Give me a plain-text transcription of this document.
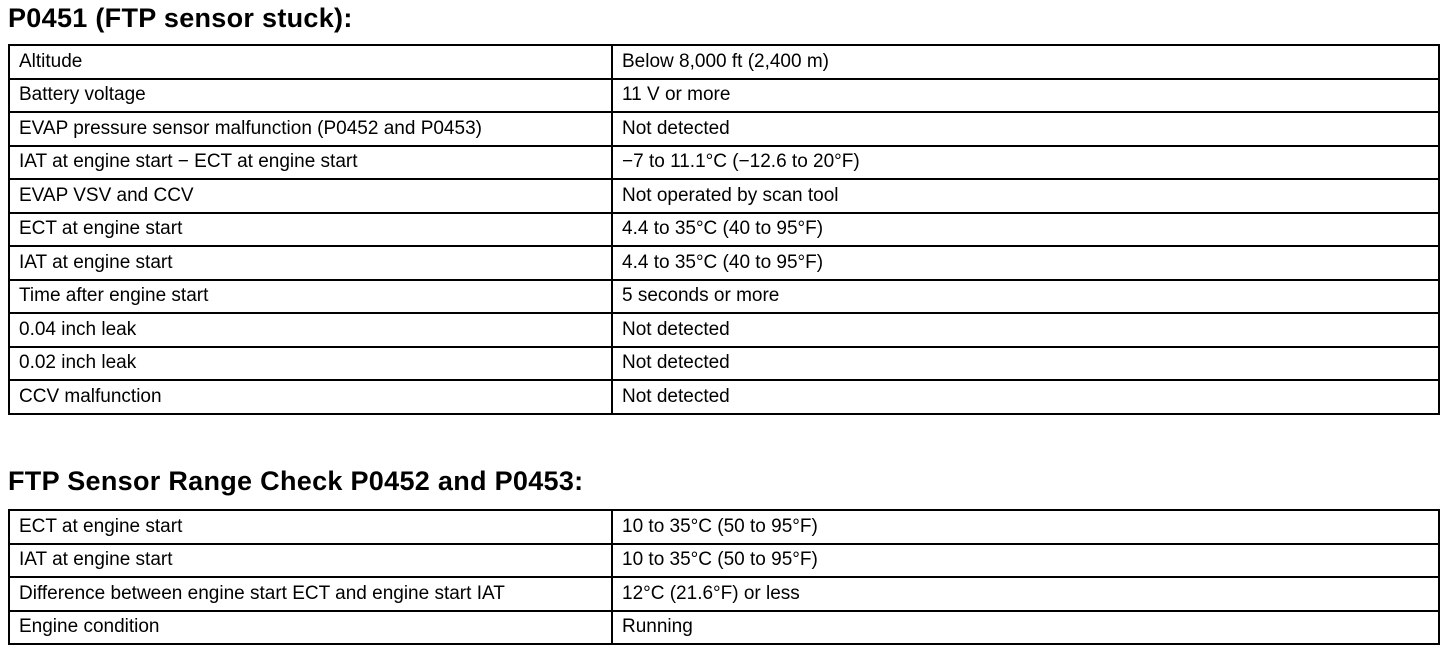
P0451 (FTP sensor stuck):
Altitude	Below 8,000 ft (2,400 m)
Battery voltage	11 V or more
EVAP pressure sensor malfunction (P0452 and P0453)	Not detected
IAT at engine start − ECT at engine start	−7 to 11.1°C (−12.6 to 20°F)
EVAP VSV and CCV	Not operated by scan tool
ECT at engine start	4.4 to 35°C (40 to 95°F)
IAT at engine start	4.4 to 35°C (40 to 95°F)
Time after engine start	5 seconds or more
0.04 inch leak	Not detected
0.02 inch leak	Not detected
CCV malfunction	Not detected
FTP Sensor Range Check P0452 and P0453:
ECT at engine start	10 to 35°C (50 to 95°F)
IAT at engine start	10 to 35°C (50 to 95°F)
Difference between engine start ECT and engine start IAT	12°C (21.6°F) or less
Engine condition	Running
